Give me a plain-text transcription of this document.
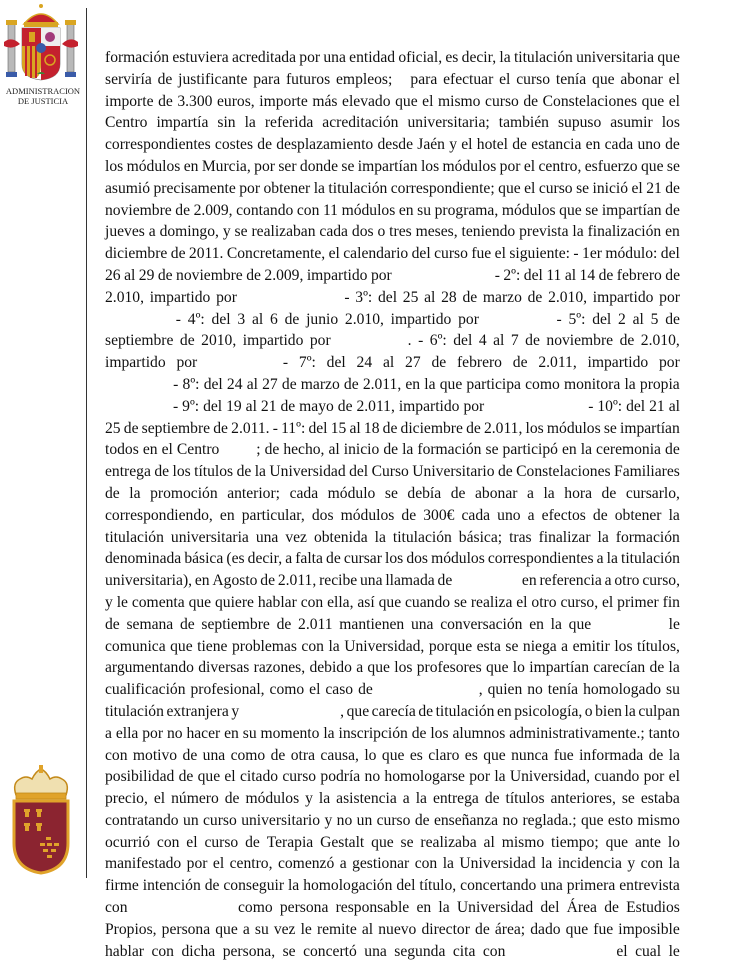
ADMINISTRACION
DE JUSTICIA
formación estuviera acreditada por una entidad oficial, es decir, la titulación universitaria que
serviría de justificante para futuros empleos; para efectuar el curso tenía que abonar el
importe de 3.300 euros, importe más elevado que el mismo curso de Constelaciones que el
Centro impartía sin la referida acreditación universitaria; también supuso asumir los
correspondientes costes de desplazamiento desde Jaén y el hotel de estancia en cada uno de
los módulos en Murcia, por ser donde se impartían los módulos por el centro, esfuerzo que se
asumió precisamente por obtener la titulación correspondiente; que el curso se inició el 21 de
noviembre de 2.009, contando con 11 módulos en su programa, módulos que se impartían de
jueves a domingo, y se realizaban cada dos o tres meses, teniendo prevista la finalización en
diciembre de 2011. Concretamente, el calendario del curso fue el siguiente: - 1er módulo: del
26 al 29 de noviembre de 2.009, impartido por	- 2º: del 11 al 14 de febrero de
2.010, impartido por	- 3º: del 25 al 28 de marzo de 2.010, impartido por
- 4º: del 3 al 6 de junio 2.010, impartido por	- 5º: del 2 al 5 de
septiembre de 2010, impartido por	. - 6º: del 4 al 7 de noviembre de 2.010,
impartido por	- 7º: del 24 al 27 de febrero de 2.011, impartido por
- 8º: del 24 al 27 de marzo de 2.011, en la que participa como monitora la propia
- 9º: del 19 al 21 de mayo de 2.011, impartido por	- 10º: del 21 al
25 de septiembre de 2.011. - 11º: del 15 al 18 de diciembre de 2.011, los módulos se impartían
todos en el Centro ; de hecho, al inicio de la formación se participó en la ceremonia de
entrega de los títulos de la Universidad del Curso Universitario de Constelaciones Familiares
de la promoción anterior; cada módulo se debía de abonar a la hora de cursarlo,
correspondiendo, en particular, dos módulos de 300€ cada uno a efectos de obtener la
titulación universitaria una vez obtenida la titulación básica; tras finalizar la formación
denominada básica (es decir, a falta de cursar los dos módulos correspondientes a la titulación
universitaria), en Agosto de 2.011, recibe una llamada de	en referencia a otro curso,
y le comenta que quiere hablar con ella, así que cuando se realiza el otro curso, el primer fin
de semana de septiembre de 2.011 mantienen una conversación en la que	le
comunica que tiene problemas con la Universidad, porque esta se niega a emitir los títulos,
argumentando diversas razones, debido a que los profesores que lo impartían carecían de la
cualificación profesional, como el caso de	, quien no tenía homologado su
titulación extranjera y	, que carecía de titulación en psicología, o bien la culpan
a ella por no hacer en su momento la inscripción de los alumnos administrativamente.; tanto
con motivo de una como de otra causa, lo que es claro es que nunca fue informada de la
posibilidad de que el citado curso podría no homologarse por la Universidad, cuando por el
precio, el número de módulos y la asistencia a la entrega de títulos anteriores, se estaba
contratando un curso universitario y no un curso de enseñanza no reglada.; que esto mismo
ocurrió con el curso de Terapia Gestalt que se realizaba al mismo tiempo; que ante lo
manifestado por el centro, comenzó a gestionar con la Universidad la incidencia y con la
firme intención de conseguir la homologación del título, concertando una primera entrevista
con	como persona responsable en la Universidad del Área de Estudios
Propios, persona que a su vez le remite al nuevo director de área; dado que fue imposible
hablar con dicha persona, se concertó una segunda cita con	el cual le
